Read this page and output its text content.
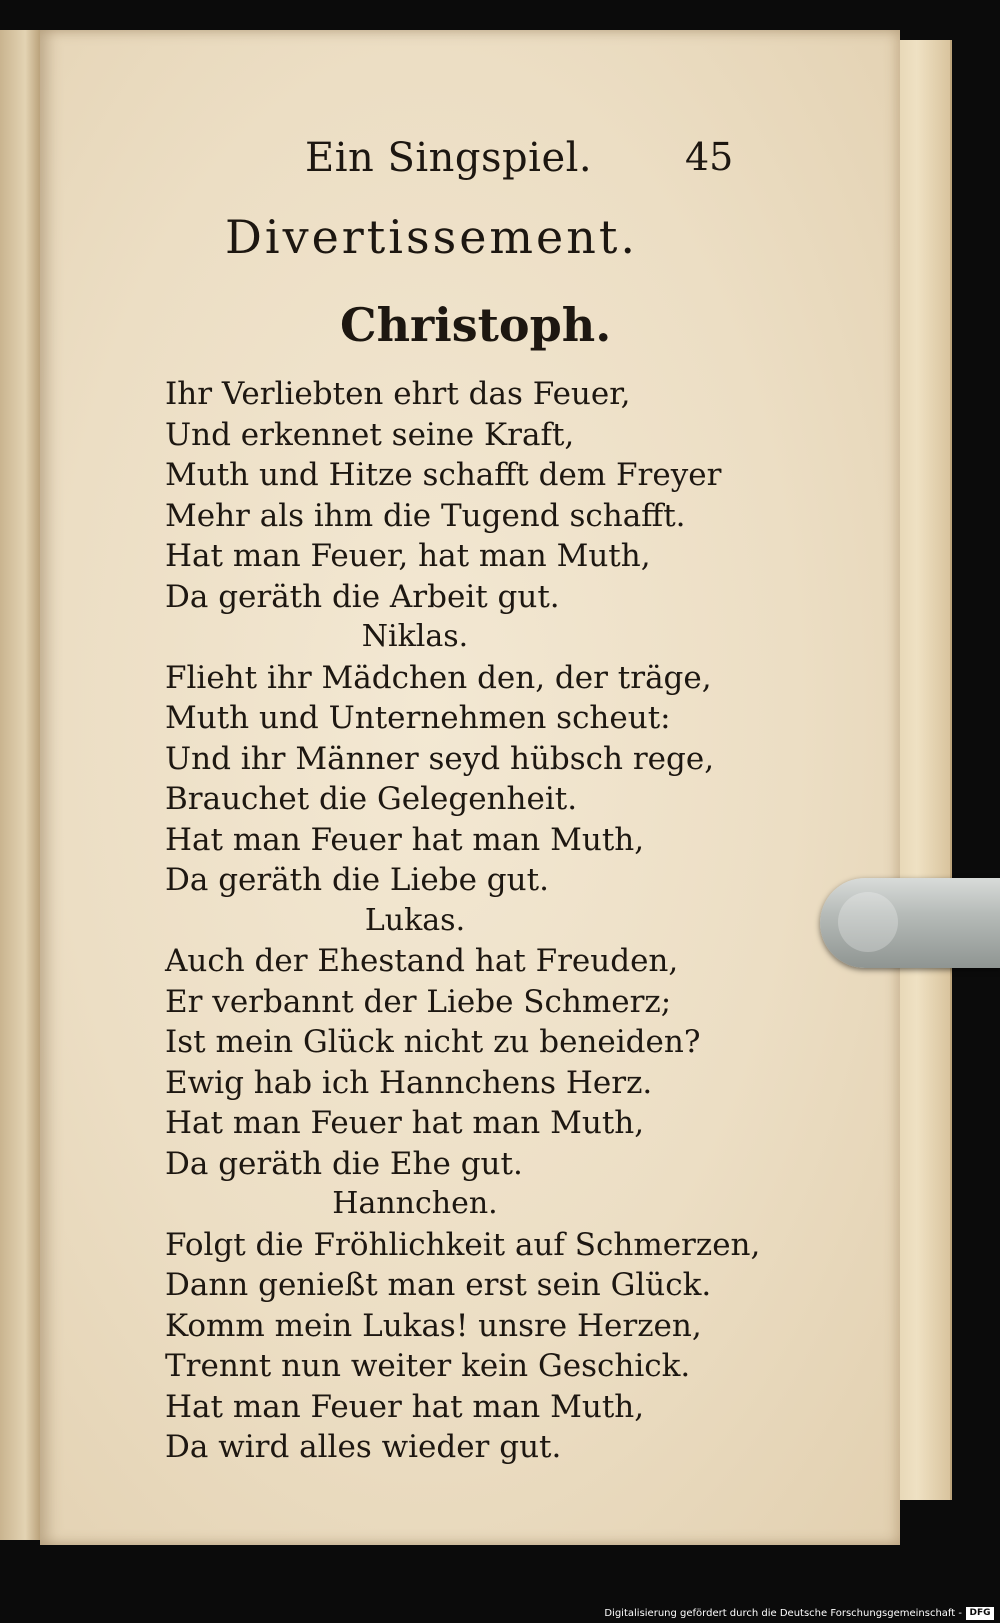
Ein Singspiel. 45
Divertissement.
Christoph.
Ihr Verliebten ehrt das Feuer,
Und erkennet seine Kraft,
Muth und Hitze schafft dem Freyer
Mehr als ihm die Tugend schafft.
Hat man Feuer, hat man Muth,
Da geräth die Arbeit gut.
Niklas.
Flieht ihr Mädchen den, der träge,
Muth und Unternehmen scheut:
Und ihr Männer seyd hübsch rege,
Brauchet die Gelegenheit.
Hat man Feuer hat man Muth,
Da geräth die Liebe gut.
Lukas.
Auch der Ehestand hat Freuden,
Er verbannt der Liebe Schmerz;
Ist mein Glück nicht zu beneiden?
Ewig hab ich Hannchens Herz.
Hat man Feuer hat man Muth,
Da geräth die Ehe gut.
Hannchen.
Folgt die Fröhlichkeit auf Schmerzen,
Dann genießt man erst sein Glück.
Komm mein Lukas! unsre Herzen,
Trennt nun weiter kein Geschick.
Hat man Feuer hat man Muth,
Da wird alles wieder gut.
Digitalisierung gefördert durch die Deutsche Forschungsgemeinschaft - DFG
